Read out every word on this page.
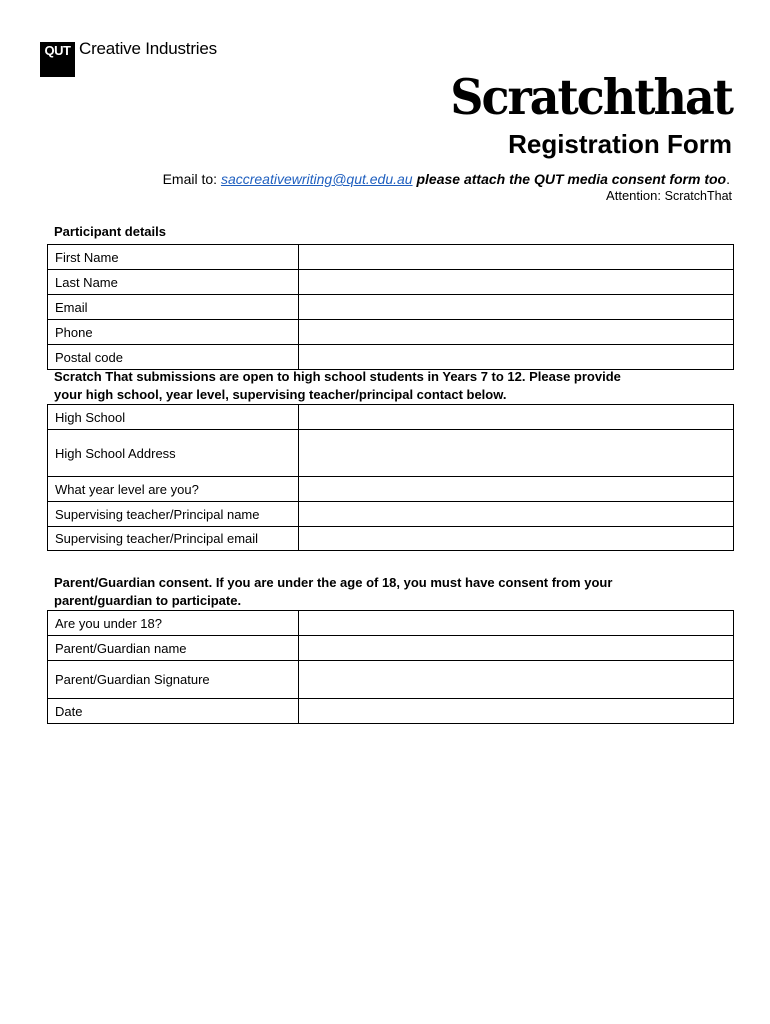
QUT Creative Industries
Scratchthat
Registration Form
Email to: saccreativewriting@qut.edu.au please attach the QUT media consent form too.
Attention: ScratchThat
Participant details
First Name	
Last Name	
Email	
Phone	
Postal code	
Scratch That submissions are open to high school students in Years 7 to 12. Please provide
your high school, year level, supervising teacher/principal contact below.
High School	
High School Address	
What year level are you?	
Supervising teacher/Principal name	
Supervising teacher/Principal email	
Parent/Guardian consent. If you are under the age of 18, you must have consent from your
parent/guardian to participate.
Are you under 18?	
Parent/Guardian name	
Parent/Guardian Signature	
Date	
